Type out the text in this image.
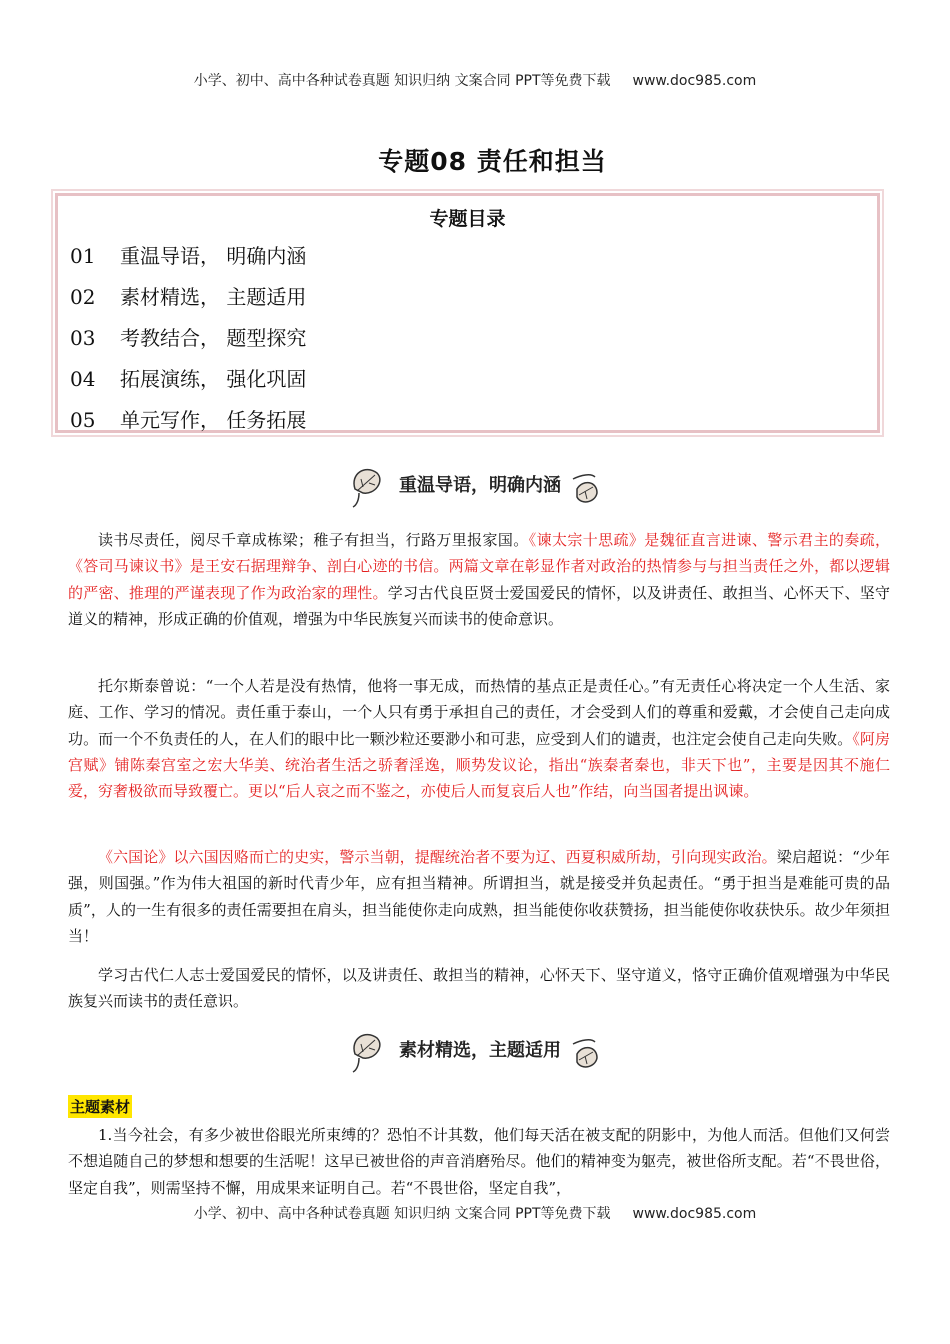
小学、初中、高中各种试卷真题 知识归纳 文案合同 PPT等免费下载 www.doc985.com
专题08 责任和担当
专题目录
01 重温导语， 明确内涵
02 素材精选， 主题适用
03 考教结合， 题型探究
04 拓展演练， 强化巩固
05 单元写作， 任务拓展
重温导语，明确内涵
读书尽责任，阅尽千章成栋梁；稚子有担当，行路万里报家国。《谏太宗十思疏》是魏征直言进谏、警示君主的奏疏，《答司马谏议书》是王安石据理辩争、剖白心迹的书信。两篇文章在彰显作者对政治的热情参与与担当责任之外，都以逻辑的严密、推理的严谨表现了作为政治家的理性。学习古代良臣贤士爱国爱民的情怀，以及讲责任、敢担当、心怀天下、坚守道义的精神，形成正确的价值观，增强为中华民族复兴而读书的使命意识。
托尔斯泰曾说：“一个人若是没有热情，他将一事无成，而热情的基点正是责任心。”有无责任心将决定一个人生活、家庭、工作、学习的情况。责任重于泰山，一个人只有勇于承担自己的责任，才会受到人们的尊重和爱戴，才会使自己走向成功。而一个不负责任的人，在人们的眼中比一颗沙粒还要渺小和可悲，应受到人们的谴责，也注定会使自己走向失败。《阿房宫赋》铺陈秦宫室之宏大华美、统治者生活之骄奢淫逸，顺势发议论，指出“族秦者秦也，非天下也”，主要是因其不施仁爱，穷奢极欲而导致覆亡。更以“后人哀之而不鉴之，亦使后人而复哀后人也”作结，向当国者提出讽谏。
《六国论》以六国因赂而亡的史实，警示当朝，提醒统治者不要为辽、西夏积威所劫，引向现实政治。梁启超说：“少年强，则国强。”作为伟大祖国的新时代青少年，应有担当精神。所谓担当，就是接受并负起责任。“勇于担当是难能可贵的品质”，人的一生有很多的责任需要担在肩头，担当能使你走向成熟，担当能使你收获赞扬，担当能使你收获快乐。故少年须担当！
学习古代仁人志士爱国爱民的情怀，以及讲责任、敢担当的精神，心怀天下、坚守道义，恪守正确价值观增强为中华民族复兴而读书的责任意识。
素材精选，主题适用
主题素材
1.当今社会，有多少被世俗眼光所束缚的？恐怕不计其数，他们每天活在被支配的阴影中，为他人而活。但他们又何尝不想追随自己的梦想和想要的生活呢！这早已被世俗的声音消磨殆尽。他们的精神变为躯壳，被世俗所支配。若“不畏世俗，坚定自我”，则需坚持不懈，用成果来证明自己。若“不畏世俗，坚定自我”，
小学、初中、高中各种试卷真题 知识归纳 文案合同 PPT等免费下载 www.doc985.com
